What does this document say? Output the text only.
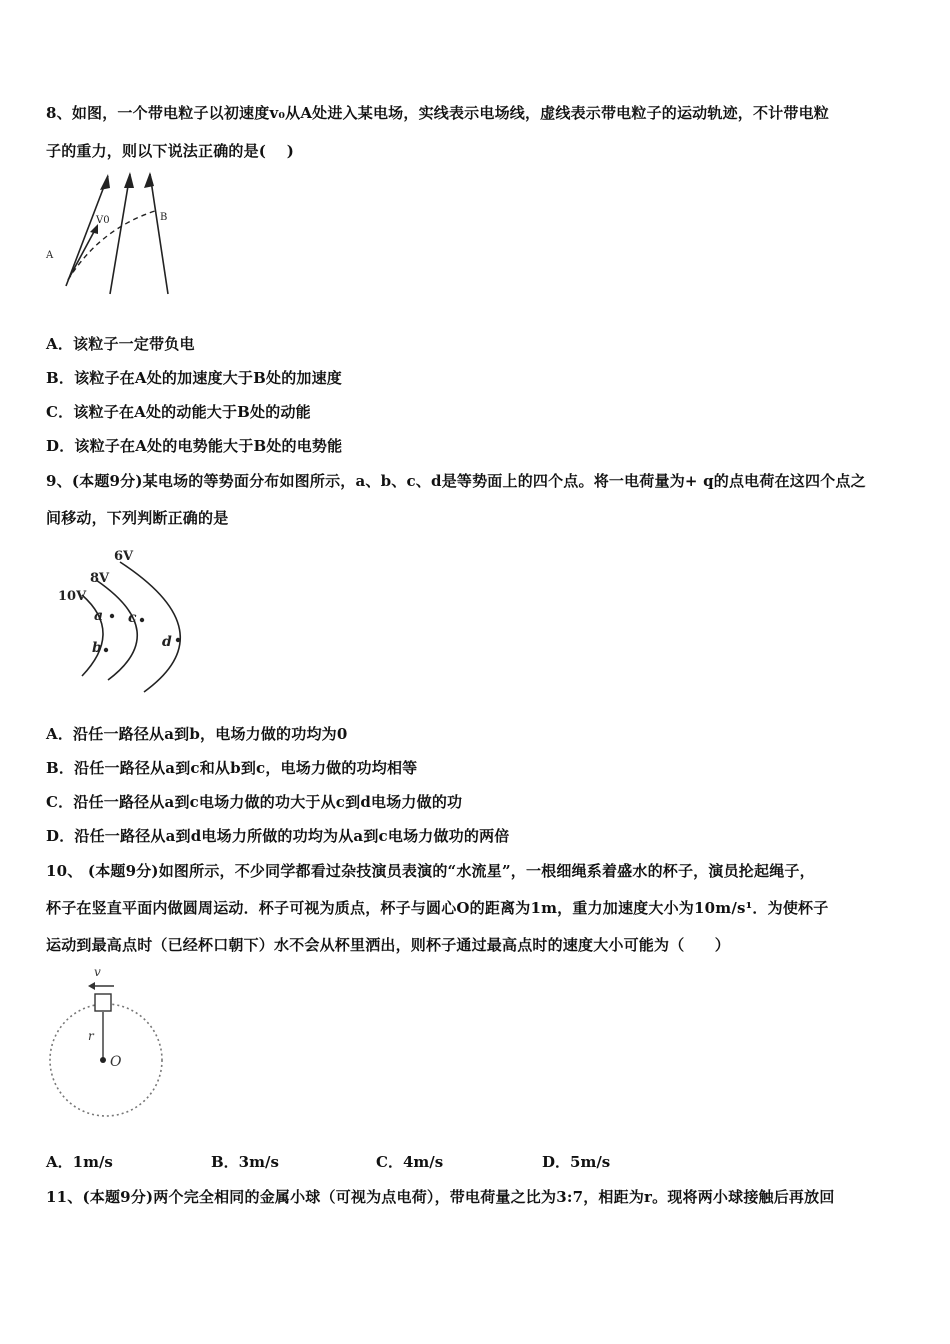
8、如图，一个带电粒子以初速度v₀从A处进入某电场，实线表示电场线，虚线表示带电粒子的运动轨迹，不计带电粒
子的重力，则以下说法正确的是(　 )
V0
A
B
A．该粒子一定带负电
B．该粒子在A处的加速度大于B处的加速度
C．该粒子在A处的动能大于B处的动能
D．该粒子在A处的电势能大于B处的电势能
9、(本题9分)某电场的等势面分布如图所示，a、b、c、d是等势面上的四个点。将一电荷量为+ q的点电荷在这四个点之
间移动，下列判断正确的是
6V
8V
10V
a
b
c
d
A．沿任一路径从a到b，电场力做的功均为0
B．沿任一路径从a到c和从b到c，电场力做的功均相等
C．沿任一路径从a到c电场力做的功大于从c到d电场力做的功
D．沿任一路径从a到d电场力所做的功均为从a到c电场力做功的两倍
10、 (本题9分)如图所示，不少同学都看过杂技演员表演的“水流星”，一根细绳系着盛水的杯子，演员抡起绳子，
杯子在竖直平面内做圆周运动．杯子可视为质点，杯子与圆心O的距离为1m，重力加速度大小为10m/s¹．为使杯子
运动到最高点时（已经杯口朝下）水不会从杯里洒出，则杯子通过最高点时的速度大小可能为（　　）
v
r
O
A．1m/s	B．3m/s	C．4m/s	D．5m/s
11、(本题9分)两个完全相同的金属小球（可视为点电荷），带电荷量之比为3:7，相距为r。现将两小球接触后再放回
